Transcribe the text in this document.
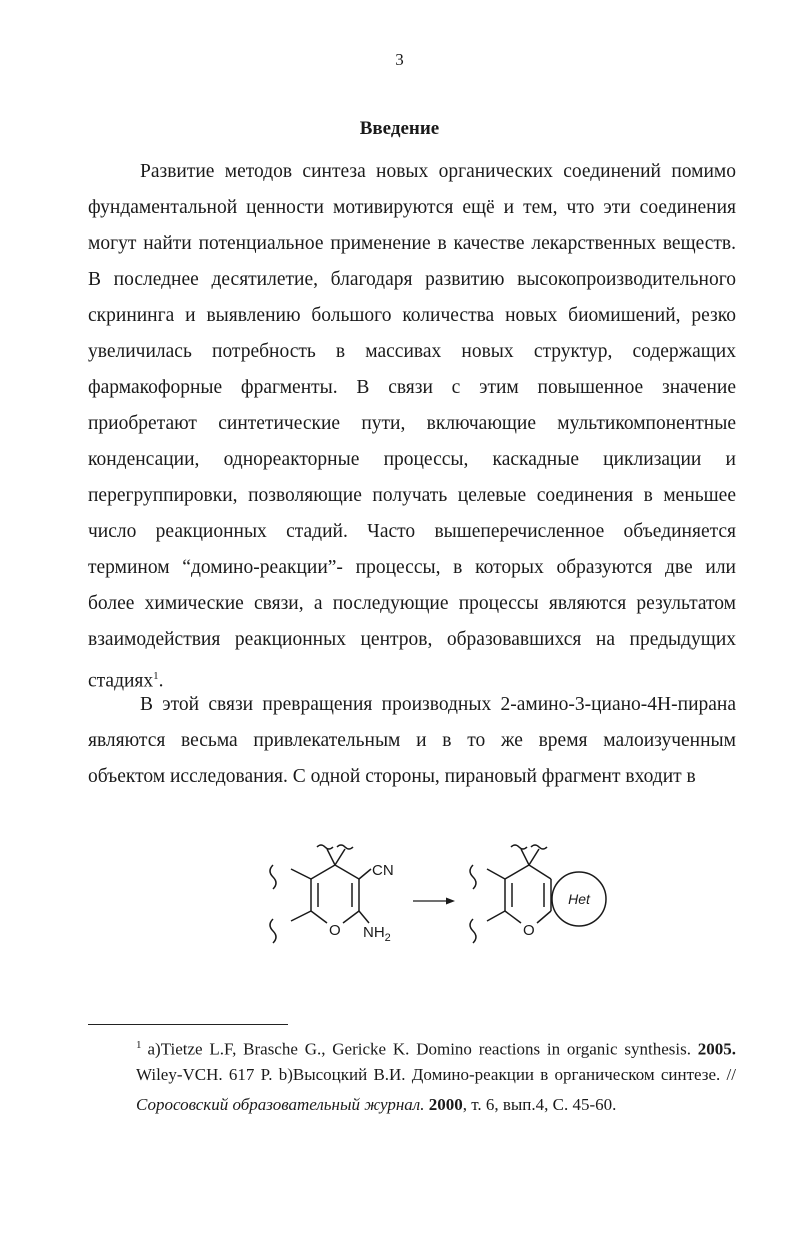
3
Введение
Развитие методов синтеза новых органических соединений помимо
фундаментальной ценности мотивируются ещё и тем, что эти соединения
могут найти потенциальное применение в качестве лекарственных веществ.
В последнее десятилетие, благодаря развитию высокопроизводительного
скрининга и выявлению большого количества новых биомишений, резко
увеличилась потребность в массивах новых структур, содержащих
фармакофорные фрагменты. В связи с этим повышенное значение
приобретают синтетические пути, включающие мультикомпонентные
конденсации, однореакторные процессы, каскадные циклизации и
перегруппировки, позволяющие получать целевые соединения в меньшее
число реакционных стадий. Часто вышеперечисленное объединяется
термином “домино-реакции”- процессы, в которых образуются две или
более химические связи, а последующие процессы являются результатом
взаимодействия реакционных центров, образовавшихся на предыдущих
стадиях$^1$.
В этой связи превращения производных 2-амино-3-циано-4Н-пирана
являются весьма привлекательным и в то же время малоизученным
объектом исследования. С одной стороны, пирановый фрагмент входит в
CN
O $NH_2$	O
Het
$^1$ a)Tietze L.F, Brasche G., Gericke K. Domino reactions in organic synthesis. 2005.
Wiley-VCH. 617 P. b)Высоцкий В.И. Домино-реакции в органическом синтезе. //
Соросовский образовательный журнал. 2000, т. 6, вып.4, С. 45-60.
